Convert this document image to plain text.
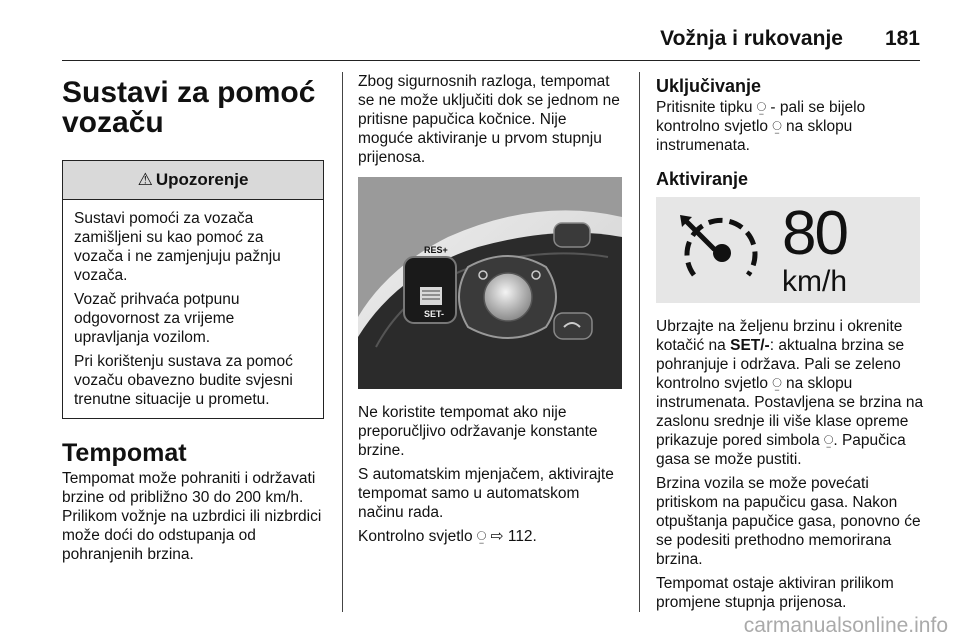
Vožnja i rukovanje 181
Sustavi za pomoć vozaču
⚠ Upozorenje

Sustavi pomoći za vozača zamišljeni su kao pomoć za vozača i ne zamjenjuju pažnju vozača.

Vozač prihvaća potpunu odgovornost za vrijeme upravljanja vozilom.

Pri korištenju sustava za pomoć vozaču obavezno budite svjesni trenutne situacije u prometu.

Tempomat

Tempomat može pohraniti i održavati brzine od približno 30 do 200 km/h. Prilikom vožnje na uzbrdici ili nizbrdici može doći do odstupanja od pohranjenih brzina.

Zbog sigurnosnih razloga, tempomat se ne može uključiti dok se jednom ne pritisne papučica kočnice. Nije moguće aktiviranje u prvom stupnju prijenosa.

RES+
SET-

Ne koristite tempomat ako nije preporučljivo održavanje konstante brzine.

S automatskim mjenjačem, aktivirajte tempomat samo u automatskom načinu rada.

Kontrolno svjetlo ⍜ ⇨ 112.

Uključivanje

Pritisnite tipku ⍜ - pali se bijelo kontrolno svjetlo ⍜ na sklopu instrumenata.

Aktiviranje
80
km/h

Ubrzajte na željenu brzinu i okrenite kotačić na SET/-: aktualna brzina se pohranjuje i održava. Pali se zeleno kontrolno svjetlo ⍜ na sklopu instrumenata. Postavljena se brzina na zaslonu srednje ili više klase opreme prikazuje pored simbola ⍜. Papučica gasa se može pustiti.

Brzina vozila se može povećati pritiskom na papučicu gasa. Nakon otpuštanja papučice gasa, ponovno će se podesiti prethodno memorirana brzina.

Tempomat ostaje aktiviran prilikom promjene stupnja prijenosa.

carmanualsonline.info
